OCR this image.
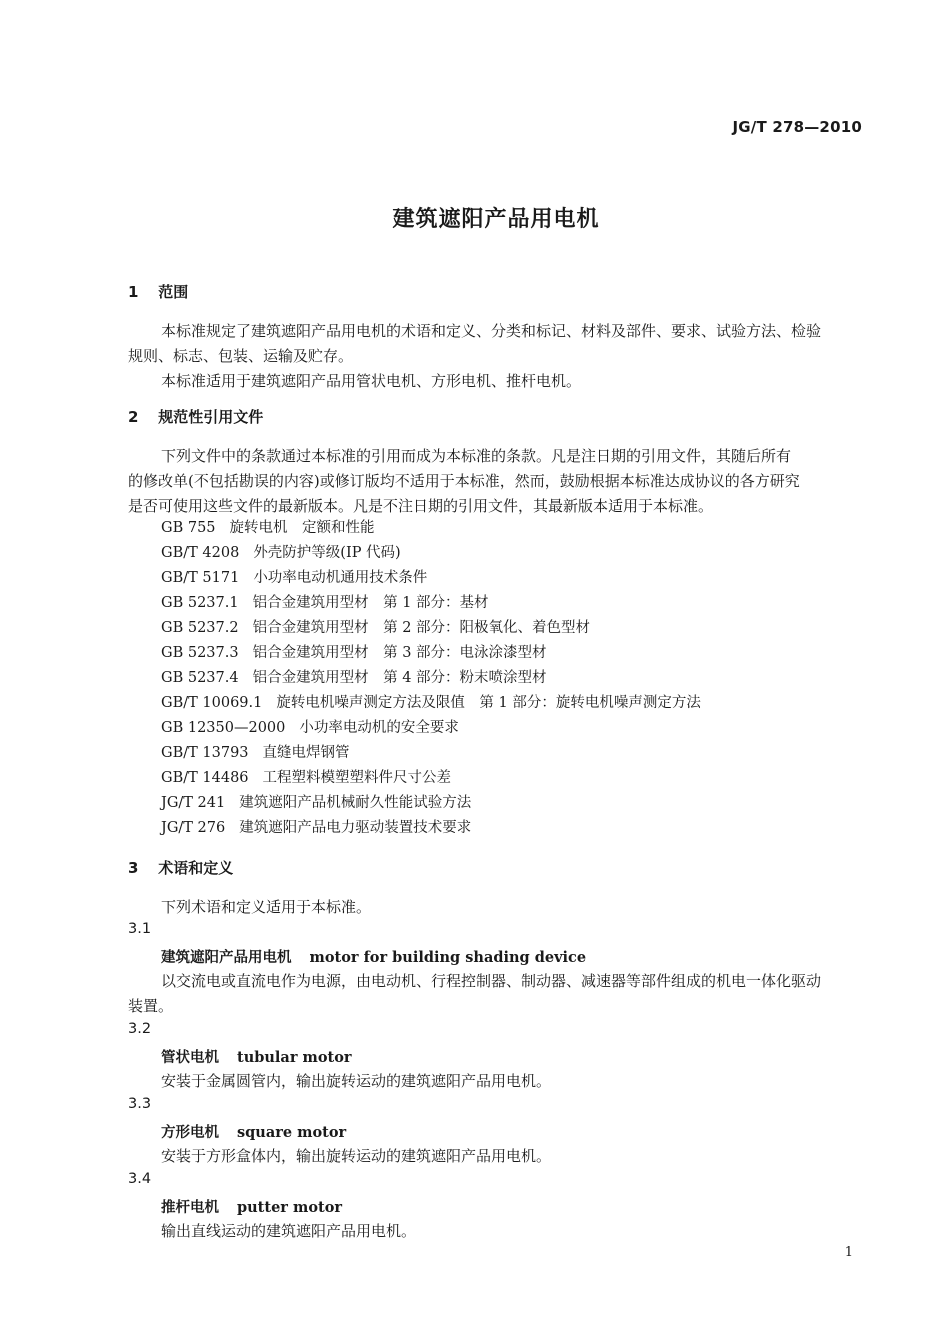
JG/T 278—2010
建筑遮阳产品用电机
1 范围
本标准规定了建筑遮阳产品用电机的术语和定义、分类和标记、材料及部件、要求、试验方法、检验
规则、标志、包装、运输及贮存。
本标准适用于建筑遮阳产品用管状电机、方形电机、推杆电机。
2 规范性引用文件
下列文件中的条款通过本标准的引用而成为本标准的条款。凡是注日期的引用文件，其随后所有
的修改单(不包括勘误的内容)或修订版均不适用于本标准，然而，鼓励根据本标准达成协议的各方研究
是否可使用这些文件的最新版本。凡是不注日期的引用文件，其最新版本适用于本标准。
GB 755 旋转电机　定额和性能
GB/T 4208 外壳防护等级(IP 代码)
GB/T 5171 小功率电动机通用技术条件
GB 5237.1 铝合金建筑用型材　第 1 部分：基材
GB 5237.2 铝合金建筑用型材　第 2 部分：阳极氧化、着色型材
GB 5237.3 铝合金建筑用型材　第 3 部分：电泳涂漆型材
GB 5237.4 铝合金建筑用型材　第 4 部分：粉末喷涂型材
GB/T 10069.1 旋转电机噪声测定方法及限值　第 1 部分：旋转电机噪声测定方法
GB 12350—2000 小功率电动机的安全要求
GB/T 13793 直缝电焊钢管
GB/T 14486 工程塑料模塑塑料件尺寸公差
JG/T 241 建筑遮阳产品机械耐久性能试验方法
JG/T 276 建筑遮阳产品电力驱动装置技术要求
3 术语和定义
下列术语和定义适用于本标准。
3.1
建筑遮阳产品用电机 motor for building shading device
以交流电或直流电作为电源，由电动机、行程控制器、制动器、减速器等部件组成的机电一体化驱动
装置。
3.2
管状电机 tubular motor
安装于金属圆管内，输出旋转运动的建筑遮阳产品用电机。
3.3
方形电机 square motor
安装于方形盒体内，输出旋转运动的建筑遮阳产品用电机。
3.4
推杆电机 putter motor
输出直线运动的建筑遮阳产品用电机。
1
